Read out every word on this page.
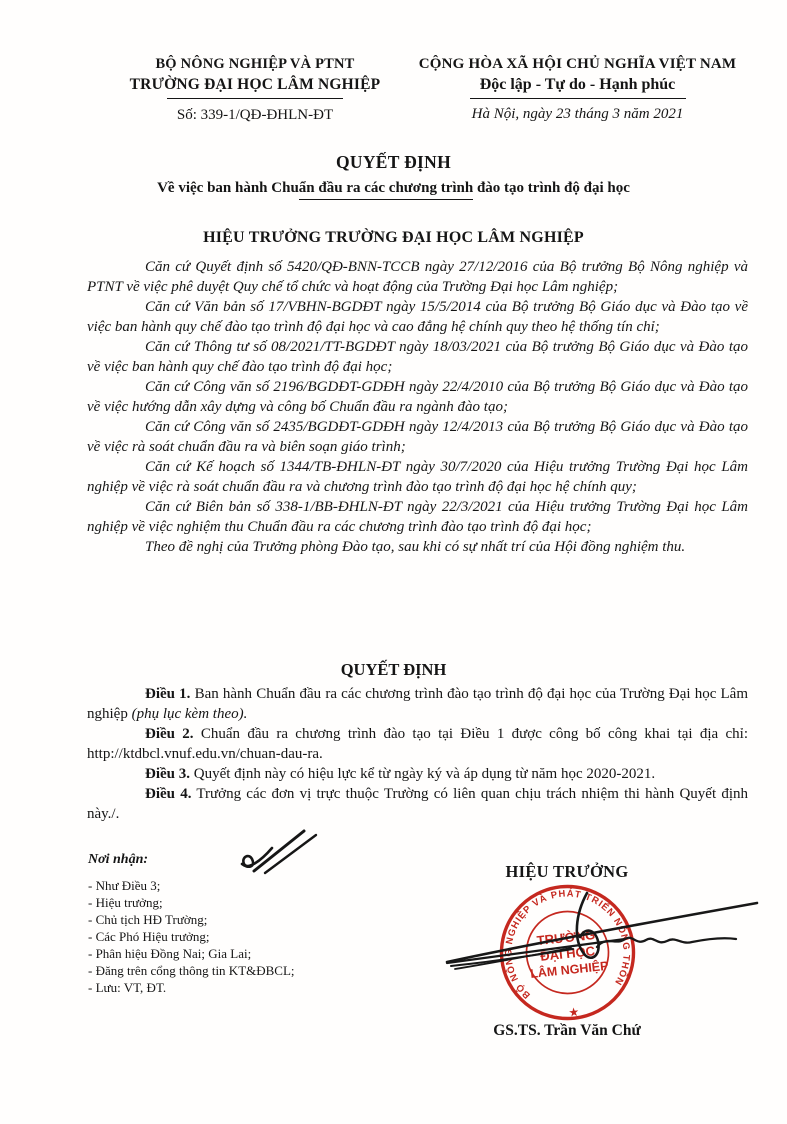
BỘ NÔNG NGHIỆP VÀ PTNT
TRƯỜNG ĐẠI HỌC LÂM NGHIỆP
Số: 339-1/QĐ-ĐHLN-ĐT
CỘNG HÒA XÃ HỘI CHỦ NGHĨA VIỆT NAM
Độc lập - Tự do - Hạnh phúc
Hà Nội, ngày 23 tháng 3 năm 2021
QUYẾT ĐỊNH
Về việc ban hành Chuẩn đầu ra các chương trình đào tạo trình độ đại học
HIỆU TRƯỞNG TRƯỜNG ĐẠI HỌC LÂM NGHIỆP

Căn cứ Quyết định số 5420/QĐ-BNN-TCCB ngày 27/12/2016 của Bộ trưởng Bộ Nông nghiệp và PTNT về việc phê duyệt Quy chế tổ chức và hoạt động của Trường Đại học Lâm nghiệp;

Căn cứ Văn bản số 17/VBHN-BGDĐT ngày 15/5/2014 của Bộ trưởng Bộ Giáo dục và Đào tạo về việc ban hành quy chế đào tạo trình độ đại học và cao đẳng hệ chính quy theo hệ thống tín chỉ;

Căn cứ Thông tư số 08/2021/TT-BGDĐT ngày 18/03/2021 của Bộ trưởng Bộ Giáo dục và Đào tạo về việc ban hành quy chế đào tạo trình độ đại học;

Căn cứ Công văn số 2196/BGDĐT-GDĐH ngày 22/4/2010 của Bộ trưởng Bộ Giáo dục và Đào tạo về việc hướng dẫn xây dựng và công bố Chuẩn đầu ra ngành đào tạo;

Căn cứ Công văn số 2435/BGDĐT-GDĐH ngày 12/4/2013 của Bộ trưởng Bộ Giáo dục và Đào tạo về việc rà soát chuẩn đầu ra và biên soạn giáo trình;

Căn cứ Kế hoạch số 1344/TB-ĐHLN-ĐT ngày 30/7/2020 của Hiệu trưởng Trường Đại học Lâm nghiệp về việc rà soát chuẩn đầu ra và chương trình đào tạo trình độ đại học hệ chính quy;

Căn cứ Biên bản số 338-1/BB-ĐHLN-ĐT ngày 22/3/2021 của Hiệu trưởng Trường Đại học Lâm nghiệp về việc nghiệm thu Chuẩn đầu ra các chương trình đào tạo trình độ đại học;

Theo đề nghị của Trưởng phòng Đào tạo, sau khi có sự nhất trí của Hội đồng nghiệm thu.

QUYẾT ĐỊNH

Điều 1. Ban hành Chuẩn đầu ra các chương trình đào tạo trình độ đại học của Trường Đại học Lâm nghiệp (phụ lục kèm theo).

Điều 2. Chuẩn đầu ra chương trình đào tạo tại Điều 1 được công bố công khai tại địa chỉ: http://ktdbcl.vnuf.edu.vn/chuan-dau-ra.

Điều 3. Quyết định này có hiệu lực kể từ ngày ký và áp dụng từ năm học 2020-2021.

Điều 4. Trưởng các đơn vị trực thuộc Trường có liên quan chịu trách nhiệm thi hành Quyết định này./.

Nơi nhận:
- Như Điều 3;
- Hiệu trưởng;
- Chủ tịch HĐ Trường;
- Các Phó Hiệu trưởng;
- Phân hiệu Đồng Nai; Gia Lai;
- Đăng trên cổng thông tin KT&ĐBCL;
- Lưu: VT, ĐT.
HIỆU TRƯỞNG
BỘ NÔNG NGHIỆP VÀ PHÁT TRIỂN NÔNG THÔN
★
TRƯỜNG
ĐẠI HỌC
LÂM NGHIỆP
GS.TS. Trần Văn Chứ
